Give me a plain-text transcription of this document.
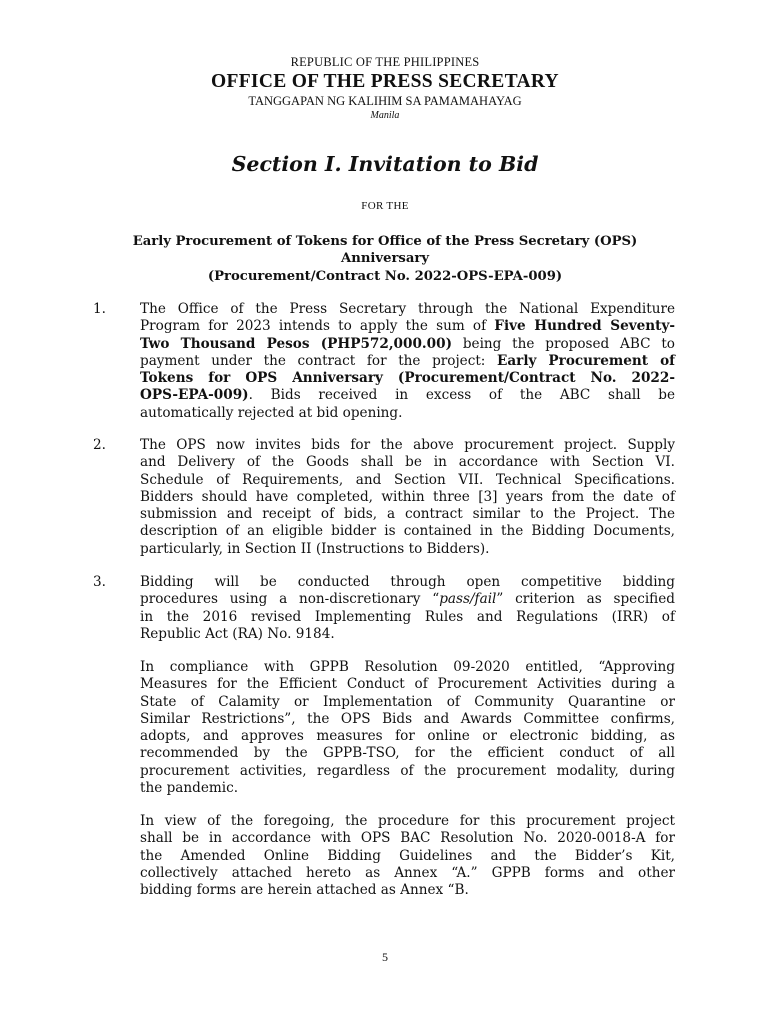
REPUBLIC OF THE PHILIPPINES
OFFICE OF THE PRESS SECRETARY
TANGGAPAN NG KALIHIM SA PAMAMAHAYAG
Manila
Section I. Invitation to Bid
FOR THE
Early Procurement of Tokens for Office of the Press Secretary (OPS)
Anniversary
(Procurement/Contract No. 2022-OPS-EPA-009)
1.	The Office of the Press Secretary through the National Expenditure
Program for 2023 intends to apply the sum of Five Hundred Seventy-
Two Thousand Pesos (PHP572,000.00) being the proposed ABC to
payment under the contract for the project: Early Procurement of
Tokens for OPS Anniversary (Procurement/Contract No. 2022-
OPS-EPA-009). Bids received in excess of the ABC shall be
automatically rejected at bid opening.
2.	The OPS now invites bids for the above procurement project. Supply
and Delivery of the Goods shall be in accordance with Section VI.
Schedule of Requirements, and Section VII. Technical Specifications.
Bidders should have completed, within three [3] years from the date of
submission and receipt of bids, a contract similar to the Project. The
description of an eligible bidder is contained in the Bidding Documents,
particularly, in Section II (Instructions to Bidders).
3.	Bidding will be conducted through open competitive bidding
procedures using a non-discretionary “pass/fail” criterion as specified
in the 2016 revised Implementing Rules and Regulations (IRR) of
Republic Act (RA) No. 9184.
In compliance with GPPB Resolution 09-2020 entitled, “Approving
Measures for the Efficient Conduct of Procurement Activities during a
State of Calamity or Implementation of Community Quarantine or
Similar Restrictions”, the OPS Bids and Awards Committee confirms,
adopts, and approves measures for online or electronic bidding, as
recommended by the GPPB-TSO, for the efficient conduct of all
procurement activities, regardless of the procurement modality, during
the pandemic.
In view of the foregoing, the procedure for this procurement project
shall be in accordance with OPS BAC Resolution No. 2020-0018-A for
the Amended Online Bidding Guidelines and the Bidder’s Kit,
collectively attached hereto as Annex “A.” GPPB forms and other
bidding forms are herein attached as Annex “B.
5
